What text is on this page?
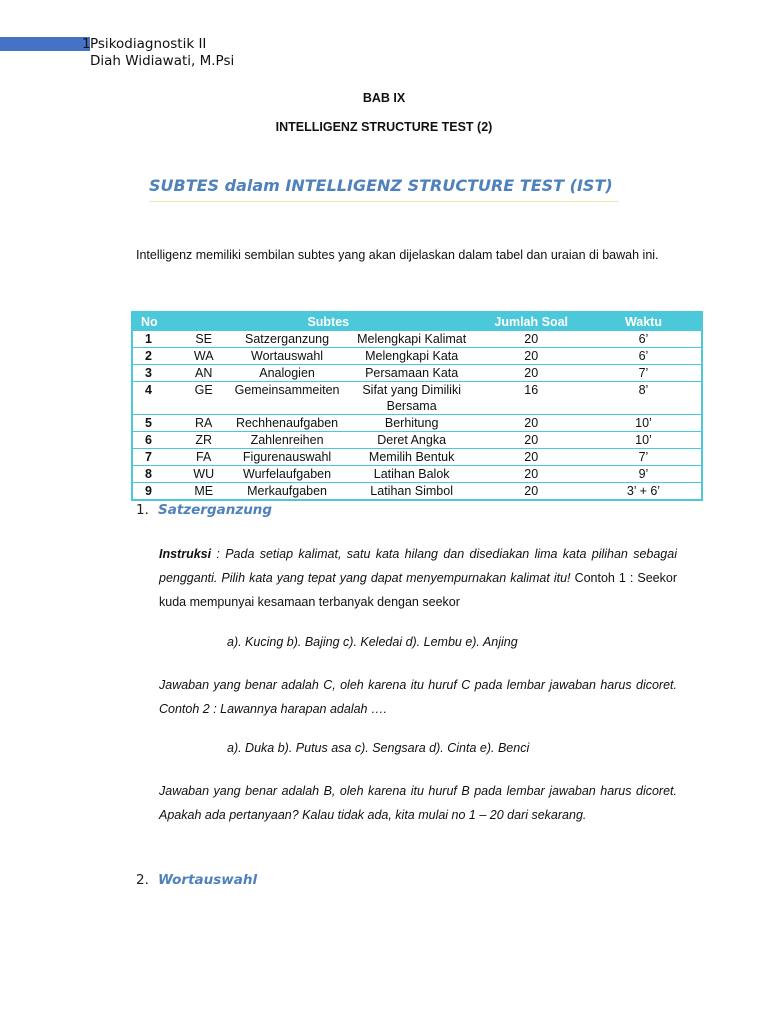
1Psikodiagnostik II
Diah Widiawati, M.Psi
BAB IX
INTELLIGENZ STRUCTURE TEST (2)
SUBTES dalam INTELLIGENZ STRUCTURE TEST (IST)
Intelligenz memiliki sembilan subtes yang akan dijelaskan dalam tabel dan uraian di bawah ini.
No	Subtes			Jumlah Soal	Waktu
1	SE	Satzerganzung	Melengkapi Kalimat	20	6’
2	WA	Wortauswahl	Melengkapi Kata	20	6’
3	AN	Analogien	Persamaan Kata	20	7’
4	GE	Gemeinsammeiten	Sifat yang Dimiliki Bersama	16	8’
5	RA	Rechhenaufgaben	Berhitung	20	10’
6	ZR	Zahlenreihen	Deret Angka	20	10’
7	FA	Figurenauswahl	Memilih Bentuk	20	7’
8	WU	Wurfelaufgaben	Latihan Balok	20	9’
9	ME	Merkaufgaben	Latihan Simbol	20	3’ + 6’
1. Satzerganzung
Instruksi : Pada setiap kalimat, satu kata hilang dan disediakan lima kata pilihan sebagai pengganti. Pilih kata yang tepat yang dapat menyempurnakan kalimat itu! Contoh 1 : Seekor kuda mempunyai kesamaan terbanyak dengan seekor
a). Kucing b). Bajing c). Keledai d). Lembu e). Anjing
Jawaban yang benar adalah C, oleh karena itu huruf C pada lembar jawaban harus dicoret. Contoh 2 : Lawannya harapan adalah ….
a). Duka b). Putus asa c). Sengsara d). Cinta e). Benci
Jawaban yang benar adalah B, oleh karena itu huruf B pada lembar jawaban harus dicoret. Apakah ada pertanyaan? Kalau tidak ada, kita mulai no 1 – 20 dari sekarang.
2. Wortauswahl
